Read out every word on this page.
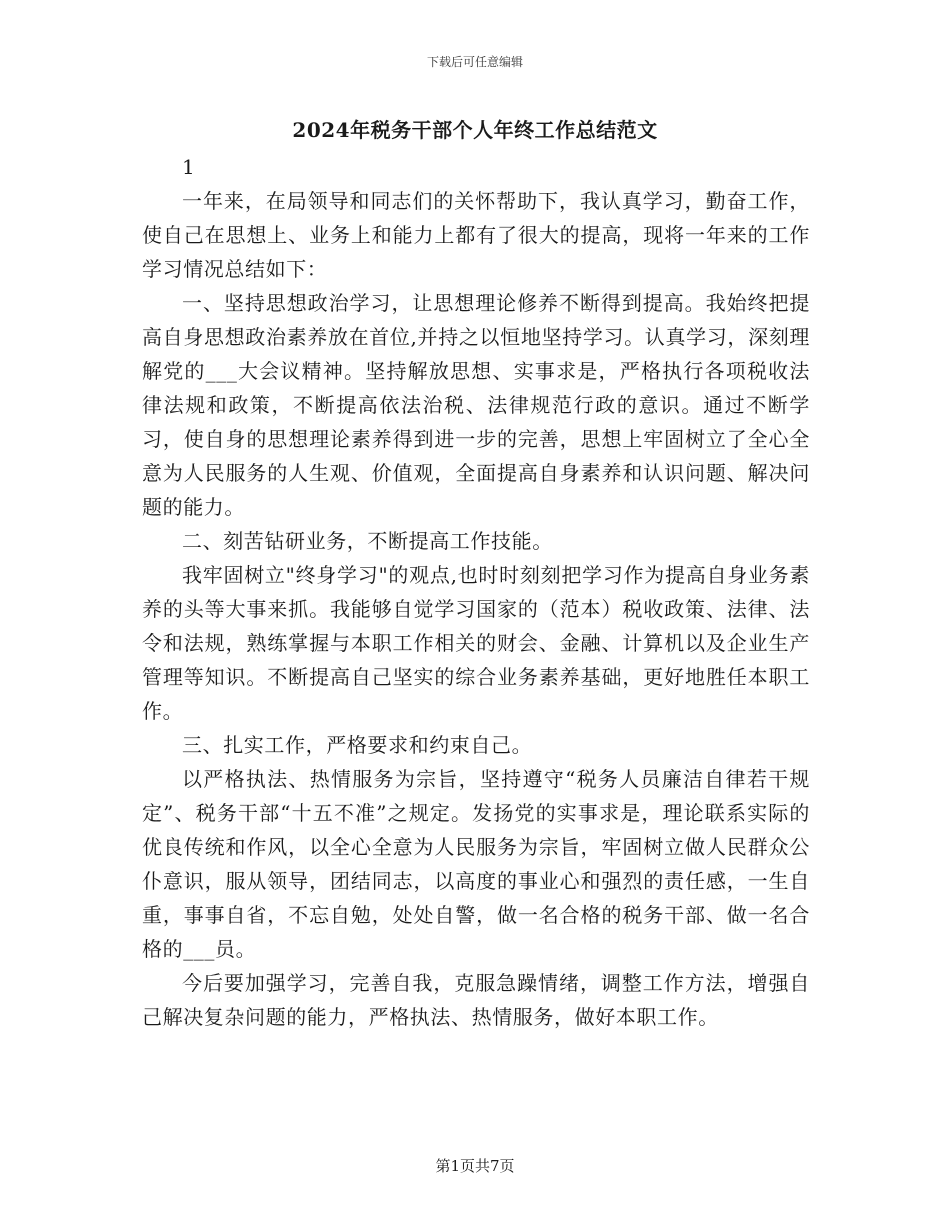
下载后可任意编辑
2024年税务干部个人年终工作总结范文

1

一年来，在局领导和同志们的关怀帮助下，我认真学习，勤奋工作，使自己在思想上、业务上和能力上都有了很大的提高，现将一年来的工作学习情况总结如下：

一、坚持思想政治学习，让思想理论修养不断得到提高。我始终把提高自身思想政治素养放在首位,并持之以恒地坚持学习。认真学习，深刻理解党的___大会议精神。坚持解放思想、实事求是，严格执行各项税收法律法规和政策，不断提高依法治税、法律规范行政的意识。通过不断学习，使自身的思想理论素养得到进一步的完善，思想上牢固树立了全心全意为人民服务的人生观、价值观，全面提高自身素养和认识问题、解决问题的能力。

二、刻苦钻研业务，不断提高工作技能。

我牢固树立"终身学习"的观点,也时时刻刻把学习作为提高自身业务素养的头等大事来抓。我能够自觉学习国家的（范本）税收政策、法律、法令和法规，熟练掌握与本职工作相关的财会、金融、计算机以及企业生产管理等知识。不断提高自己坚实的综合业务素养基础，更好地胜任本职工作。

三、扎实工作，严格要求和约束自己。

以严格执法、热情服务为宗旨，坚持遵守“税务人员廉洁自律若干规定”、税务干部“十五不准”之规定。发扬党的实事求是，理论联系实际的优良传统和作风，以全心全意为人民服务为宗旨，牢固树立做人民群众公仆意识，服从领导，团结同志，以高度的事业心和强烈的责任感，一生自重，事事自省，不忘自勉，处处自警，做一名合格的税务干部、做一名合格的___员。

今后要加强学习，完善自我，克服急躁情绪，调整工作方法，增强自己解决复杂问题的能力，严格执法、热情服务，做好本职工作。

第1页共7页
